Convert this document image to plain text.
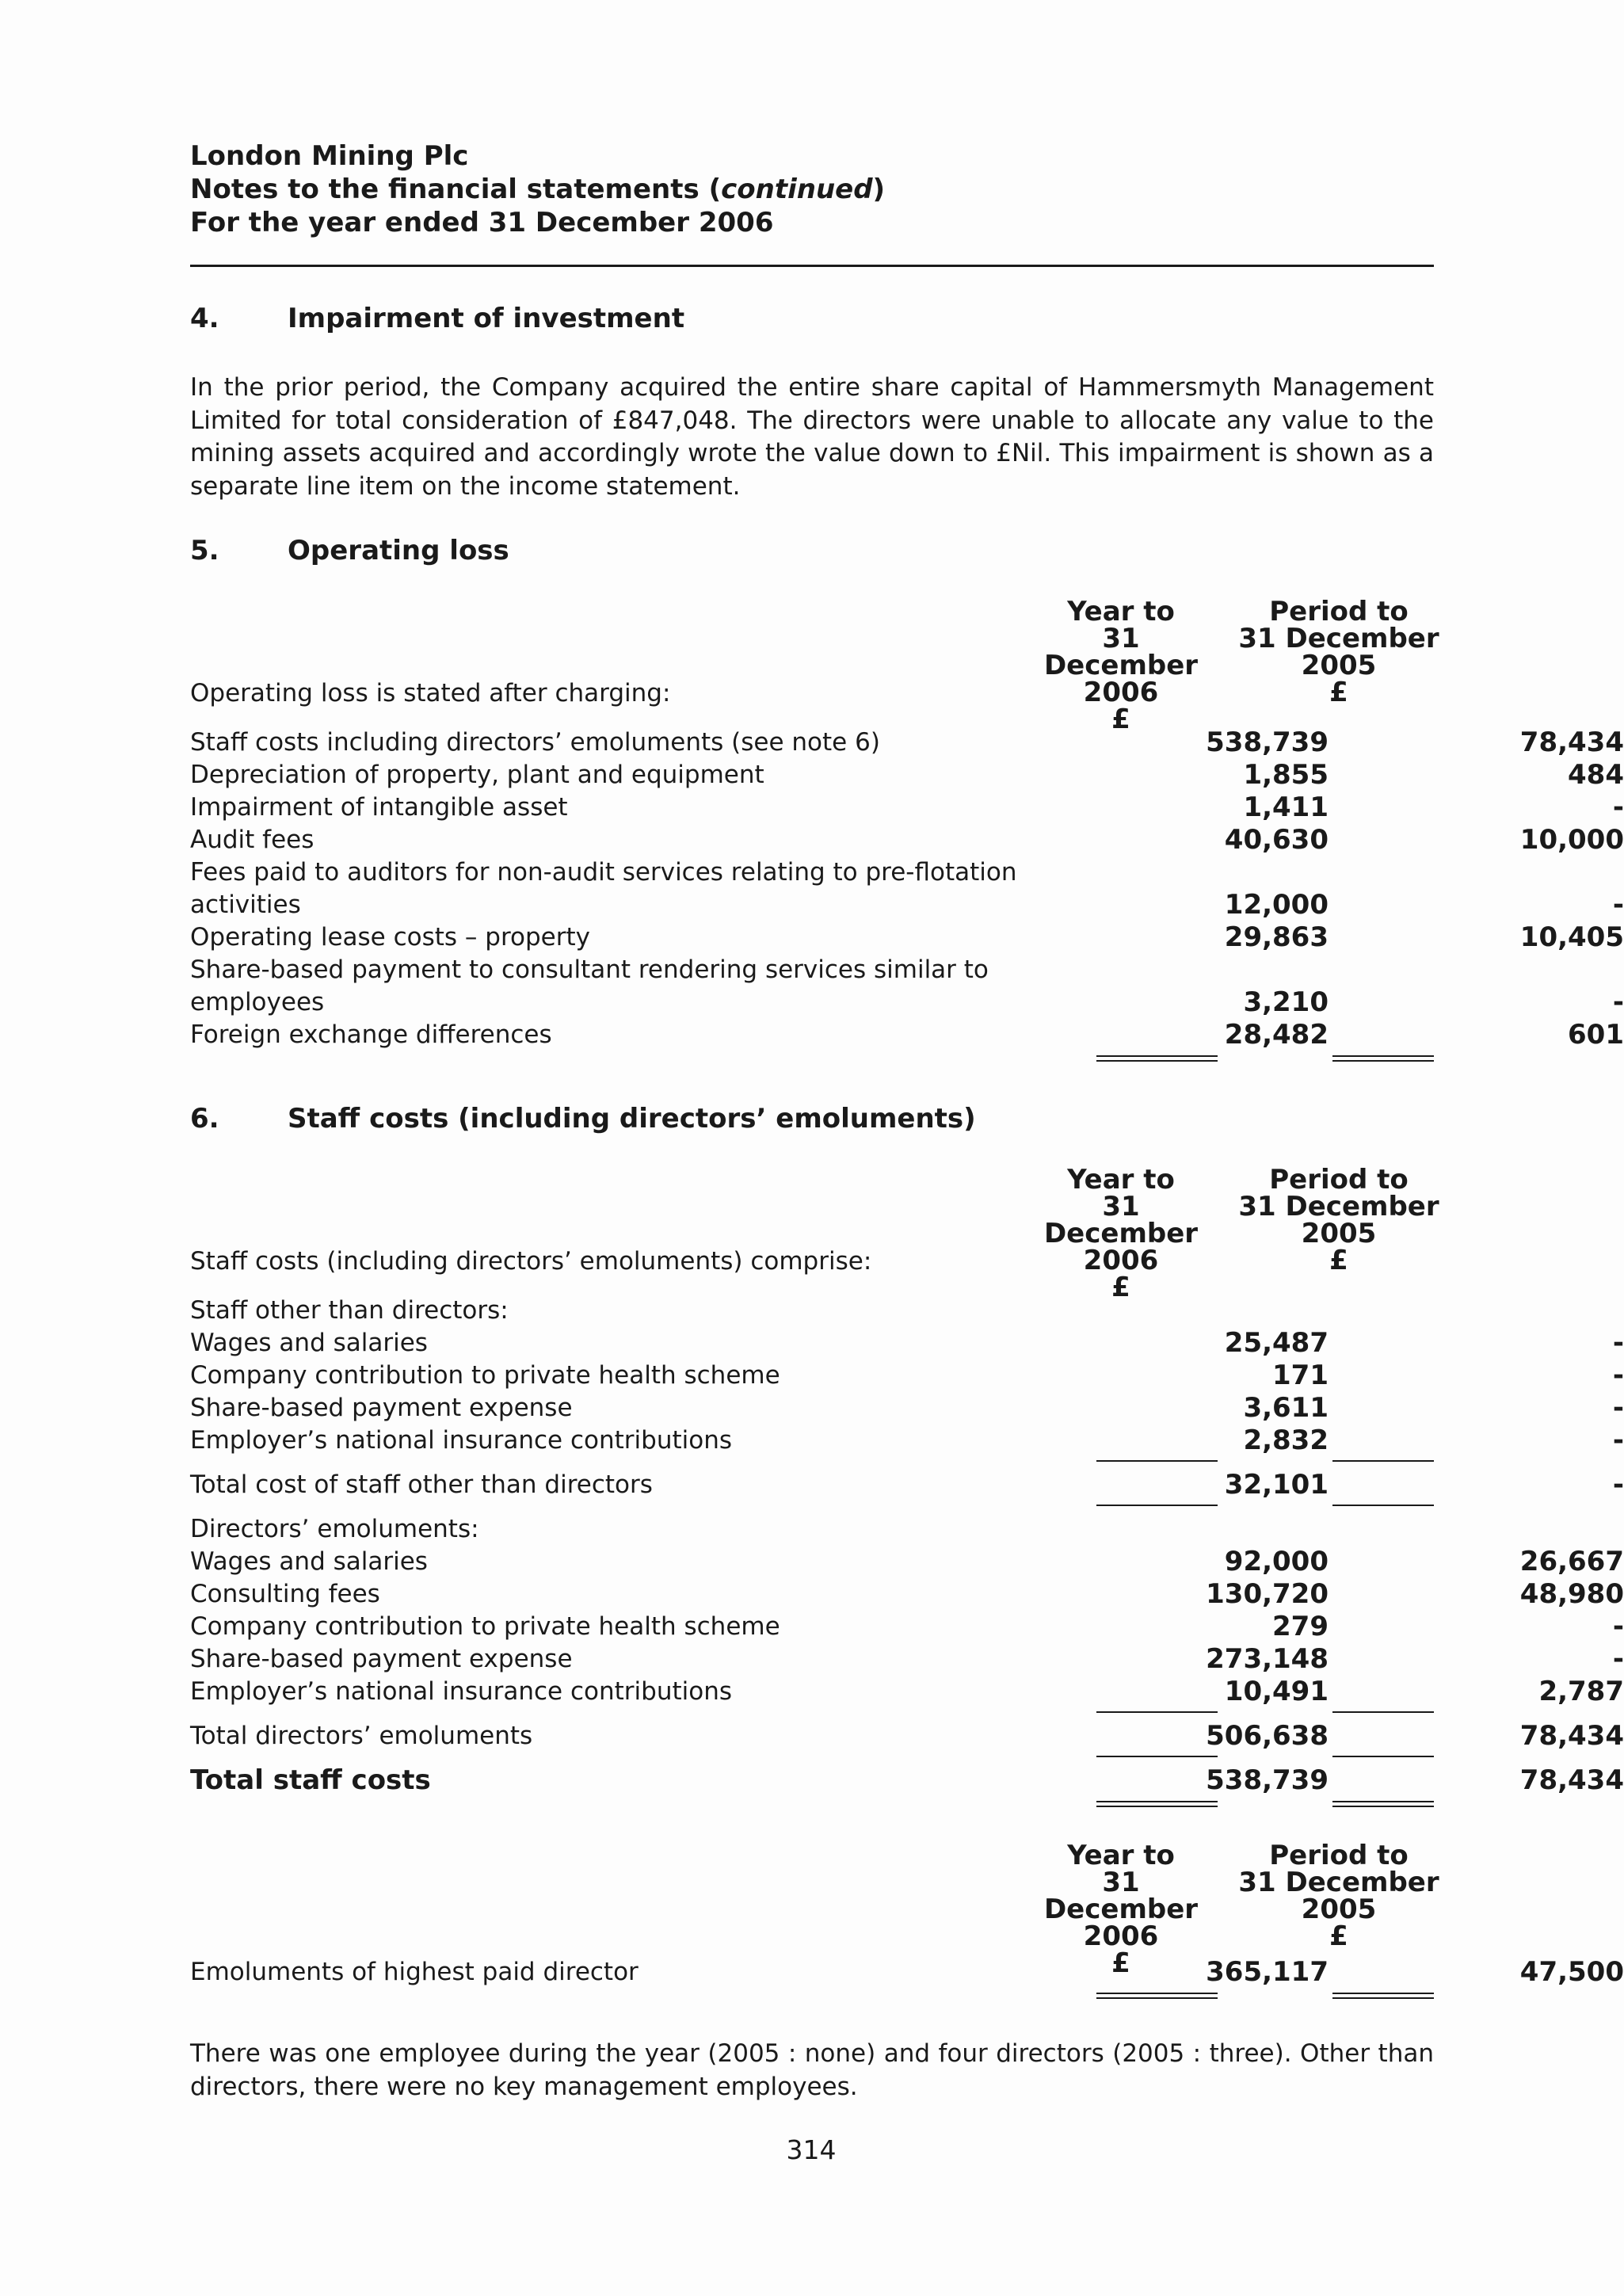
London Mining Plc
Notes to the financial statements (continued)
For the year ended 31 December 2006
4.	Impairment of investment
In the prior period, the Company acquired the entire share capital of Hammersmyth Management Limited for total consideration of £847,048. The directors were unable to allocate any value to the mining assets acquired and accordingly wrote the value down to £Nil. This impairment is shown as a separate line item on the income statement.
5.	Operating loss
Year to
31 December
2006
£
Period to
31 December
2005
£
Operating loss is stated after charging:
Staff costs including directors’ emoluments (see note 6)	538,739	78,434
Depreciation of property, plant and equipment	1,855	484
Impairment of intangible asset	1,411	-
Audit fees	40,630	10,000
Fees paid to auditors for non-audit services relating to pre-flotation
activities	12,000	-
Operating lease costs – property	29,863	10,405
Share-based payment to consultant rendering services similar to
employees	3,210	-
Foreign exchange differences	28,482	601
6.	Staff costs (including directors’ emoluments)
Year to
31 December
2006
£
Period to
31 December
2005
£
Staff costs (including directors’ emoluments) comprise:
Staff other than directors:
Wages and salaries	25,487	-
Company contribution to private health scheme	171	-
Share-based payment expense	3,611	-
Employer’s national insurance contributions	2,832	-
Total cost of staff other than directors	32,101	-
Directors’ emoluments:
Wages and salaries	92,000	26,667
Consulting fees	130,720	48,980
Company contribution to private health scheme	279	-
Share-based payment expense	273,148	-
Employer’s national insurance contributions	10,491	2,787
Total directors’ emoluments	506,638	78,434
Total staff costs	538,739	78,434
Year to
31 December
2006
£
Period to
31 December
2005
£
Emoluments of highest paid director	365,117	47,500
There was one employee during the year (2005 : none) and four directors (2005 : three). Other than directors, there were no key management employees.
314
